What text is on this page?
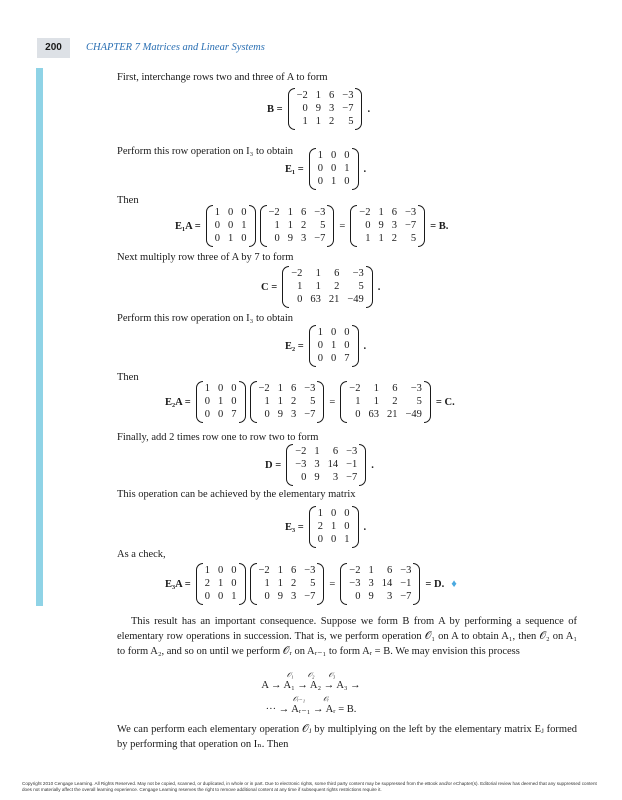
200	CHAPTER 7 Matrices and Linear Systems
First, interchange rows two and three of A to form
B =
−2 1 6 −3
0 9 3 −7
1 1 2	5
.
Perform this row operation on I₃ to obtain
E₁ =
1 0 0
0 0 1
0 1 0
.
Then
E₁A =
1 0 0
0 0 1
0 1 0
−2 1 6 −3
1 1 2	5
0 9 3 −7
=
−2 1 6 −3
0 9 3 −7
1 1 2	5
= B.
Next multiply row three of A by 7 to form
C =
−2	1	6	−3
1	1	2	5
0 63 21 −49
.
Perform this row operation on I₃ to obtain
E₂ =
1 0 0
0 1 0
0 0 7
.
Then
E₂A =
1 0 0
0 1 0
0 0 7
−2 1 6 −3
1 1 2	5
0 9 3 −7
=
−2	1	6	−3
1	1	2	5
0 63 21 −49
= C.
Finally, add 2 times row one to row two to form
D =
−2 1	6 −3
−3 3 14 −1
0 9	3 −7
.
This operation can be achieved by the elementary matrix
E₃ =
1 0 0
2 1 0
0 0 1
.
As a check,
E₃A =
1 0 0
2 1 0
0 0 1
−2 1 6 −3
1 1 2	5
0 9 3 −7
=
−2 1	6 −3
−3 3 14 −1
0 9	3 −7
= D. ♦
This result has an important consequence. Suppose we form B from A by performing a sequence of elementary row operations in succession. That is, we perform operation 𝒪₁ on A to obtain A₁, then 𝒪₂ on A₁ to form A₂, and so on until we perform 𝒪ᵣ on Aᵣ₋₁ to form Aᵣ = B. We may envision this process
A → A₁ → A₂ → A₃ →
𝒪₁ 𝒪₂ 𝒪₃
··· → Aᵣ₋₁ → Aᵣ = B.
𝒪ᵣ₋₁	𝒪ᵣ
We can perform each elementary operation 𝒪ⱼ by multiplying on the left by the elementary matrix Eⱼ formed by performing that operation on Iₙ. Then
Copyright 2010 Cengage Learning. All Rights Reserved. May not be copied, scanned, or duplicated, in whole or in part. Due to electronic rights, some third party content may be suppressed from the eBook and/or eChapter(s). Editorial review has deemed that any suppressed content does not materially affect the overall learning experience. Cengage Learning reserves the right to remove additional content at any time if subsequent rights restrictions require it.
